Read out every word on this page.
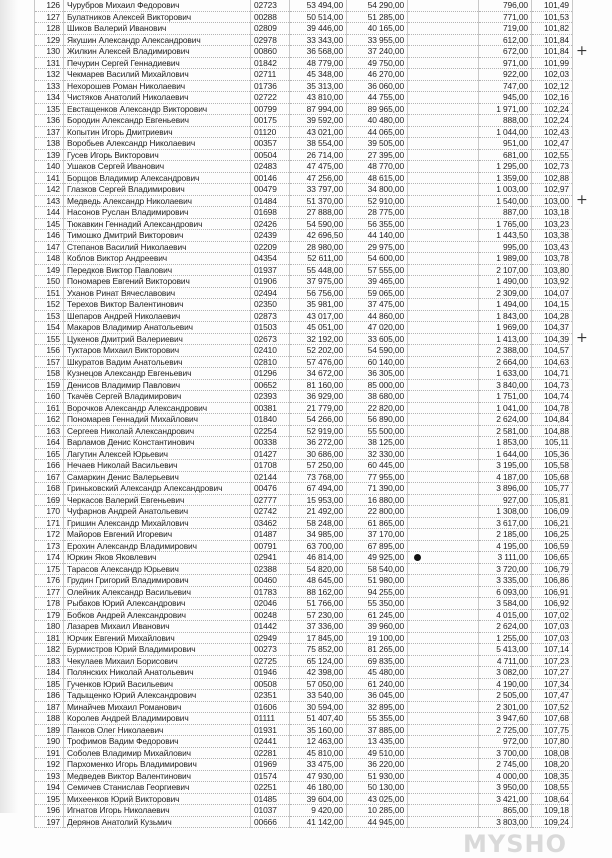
126	Чурубров Михаил Федорович	02723	53 494,00	54 290,00		796,00	101,49
127	Булатников Алексей Викторович	00288	50 514,00	51 285,00		771,00	101,53
128	Шиков Валерий Иванович	02809	39 446,00	40 165,00		719,00	101,82
129	Якушин Александр Александрович	02978	33 343,00	33 955,00		612,00	101,84
130	Жилкин Алексей Владимирович	00860	36 568,00	37 240,00		672,00	101,84
131	Печурин Сергей Геннадиевич	01842	48 779,00	49 750,00		971,00	101,99
132	Чекмарев Василий Михайлович	02711	45 348,00	46 270,00		922,00	102,03
133	Нехорошев Роман Николаевич	01736	35 313,00	36 060,00		747,00	102,12
134	Чистяков Анатолий Николаевич	02722	43 810,00	44 755,00		945,00	102,16
135	Евстащенков Александр Викторович	00799	87 994,00	89 965,00		1 971,00	102,24
136	Бородин Александр Евгеньевич	00175	39 592,00	40 480,00		888,00	102,24
137	Копытин Игорь Дмитриевич	01120	43 021,00	44 065,00		1 044,00	102,43
138	Воробьев Александр Николаевич	00357	38 554,00	39 505,00		951,00	102,47
139	Гусев Игорь Викторович	00504	26 714,00	27 395,00		681,00	102,55
140	Ушаков Сергей Иванович	02483	47 475,00	48 770,00		1 295,00	102,73
141	Борщов Владимир Александрович	00146	47 256,00	48 615,00		1 359,00	102,88
142	Глазков Сергей Владимирович	00479	33 797,00	34 800,00		1 003,00	102,97
143	Медведь Александр Николаевич	01484	51 370,00	52 910,00		1 540,00	103,00
144	Насонов Руслан Владимирович	01698	27 888,00	28 775,00		887,00	103,18
145	Тюкавкин Геннадий Александрович	02426	54 590,00	56 355,00		1 765,00	103,23
146	Тимошко Дмитрий Викторович	02439	42 696,50	44 140,00		1 443,50	103,38
147	Степанов Василий Николаевич	02209	28 980,00	29 975,00		995,00	103,43
148	Коблов Виктор Андреевич	04354	52 611,00	54 600,00		1 989,00	103,78
149	Передков Виктор Павлович	01937	55 448,00	57 555,00		2 107,00	103,80
150	Пономарев Евгений Викторович	01906	37 975,00	39 465,00		1 490,00	103,92
151	Уханов Ринат Вячеславович	02494	56 756,00	59 065,00		2 309,00	104,07
152	Терехов Виктор Валентинович	02350	35 981,00	37 475,00		1 494,00	104,15
153	Шепаров Андрей Николаевич	02873	43 017,00	44 860,00		1 843,00	104,28
154	Макаров Владимир Анатольевич	01503	45 051,00	47 020,00		1 969,00	104,37
155	Цукенов Дмитрий Валериевич	02673	32 192,00	33 605,00		1 413,00	104,39
156	Туктаров Михаил Викторович	02410	52 202,00	54 590,00		2 388,00	104,57
157	Шкуратов Вадим Анатольевич	02810	57 476,00	60 140,00		2 664,00	104,63
158	Кузнецов Александр Евгеньевич	01296	34 672,00	36 305,00		1 633,00	104,71
159	Денисов Владимир Павлович	00652	81 160,00	85 000,00		3 840,00	104,73
160	Ткачёв Сергей Владимирович	02393	36 929,00	38 680,00		1 751,00	104,74
161	Ворочков Александр Александрович	00381	21 779,00	22 820,00		1 041,00	104,78
162	Пономарев Геннадий Михайлович	01840	54 266,00	56 890,00		2 624,00	104,84
163	Сергеев Николай Александрович	02254	52 919,00	55 500,00		2 581,00	104,88
164	Варламов Денис Константинович	00338	36 272,00	38 125,00		1 853,00	105,11
165	Лагутин Алексей Юрьевич	01427	30 686,00	32 330,00		1 644,00	105,36
166	Нечаев Николай Васильевич	01708	57 250,00	60 445,00		3 195,00	105,58
167	Самаркин Денис Валерьевич	02144	73 768,00	77 955,00		4 187,00	105,68
168	Гриньковский Александр Александрович	00476	67 494,00	71 390,00		3 896,00	105,77
169	Черкасов Валерий Евгеньевич	02777	15 953,00	16 880,00		927,00	105,81
170	Чуфарнов Андрей Анатольевич	02742	21 492,00	22 800,00		1 308,00	106,09
171	Гришин Александр Михайлович	03462	58 248,00	61 865,00		3 617,00	106,21
172	Майоров Евгений Игоревич	01487	34 985,00	37 170,00		2 185,00	106,25
173	Ерохин Александр Владимирович	00791	63 700,00	67 895,00		4 195,00	106,59
174	Юркин Яков Яковлевич	02941	46 814,00	49 925,00		3 111,00	106,65
175	Тарасов Александр Юрьевич	02388	54 820,00	58 540,00		3 720,00	106,79
176	Грудин Григорий Владимирович	00460	48 645,00	51 980,00		3 335,00	106,86
177	Олейник Александр Васильевич	01783	88 162,00	94 255,00		6 093,00	106,91
178	Рыбаков Юрий Александрович	02046	51 766,00	55 350,00		3 584,00	106,92
179	Бобков Андрей Александрович	00248	57 230,00	61 245,00		4 015,00	107,02
180	Лазарев Михаил Иванович	01442	37 336,00	39 960,00		2 624,00	107,03
181	Юрчик Евгений Михайлович	02949	17 845,00	19 100,00		1 255,00	107,03
182	Бурмистров Юрий Владимирович	00273	75 852,00	81 265,00		5 413,00	107,14
183	Чекулаев Михаил Борисович	02725	65 124,00	69 835,00		4 711,00	107,23
184	Полянских Николай Анатольевич	01946	42 398,00	45 480,00		3 082,00	107,27
185	Гученков Юрий Васильевич	00508	57 050,00	61 240,00		4 190,00	107,34
186	Тадыщенко Юрий Александрович	02351	33 540,00	36 045,00		2 505,00	107,47
187	Минайчев Михаил Романович	01606	30 594,00	32 895,00		2 301,00	107,52
188	Королев Андрей Владимирович	01111	51 407,40	55 355,00		3 947,60	107,68
189	Панков Олег Николаевич	01931	35 160,00	37 885,00		2 725,00	107,75
190	Трофимов Вадим Федорович	02441	12 463,00	13 435,00		972,00	107,80
191	Соболев Владимир Михайлович	02281	45 810,00	49 510,00		3 700,00	108,08
192	Пархоменко Игорь Владимирович	01969	33 475,00	36 220,00		2 745,00	108,20
193	Медведев Виктор Валентинович	01574	47 930,00	51 930,00		4 000,00	108,35
194	Семичев Станислав Георгиевич	02251	46 180,00	50 130,00		3 950,00	108,55
195	Михеенков Юрий Викторович	01485	39 604,00	43 025,00		3 421,00	108,64
196	Игнатов Игорь Николаевич	01037	9 420,00	10 285,00		865,00	109,18
197	Дерянов Анатолий Кузьмич	00666	41 142,00	44 945,00		3 803,00	109,24
+
+
+
MYSHO
